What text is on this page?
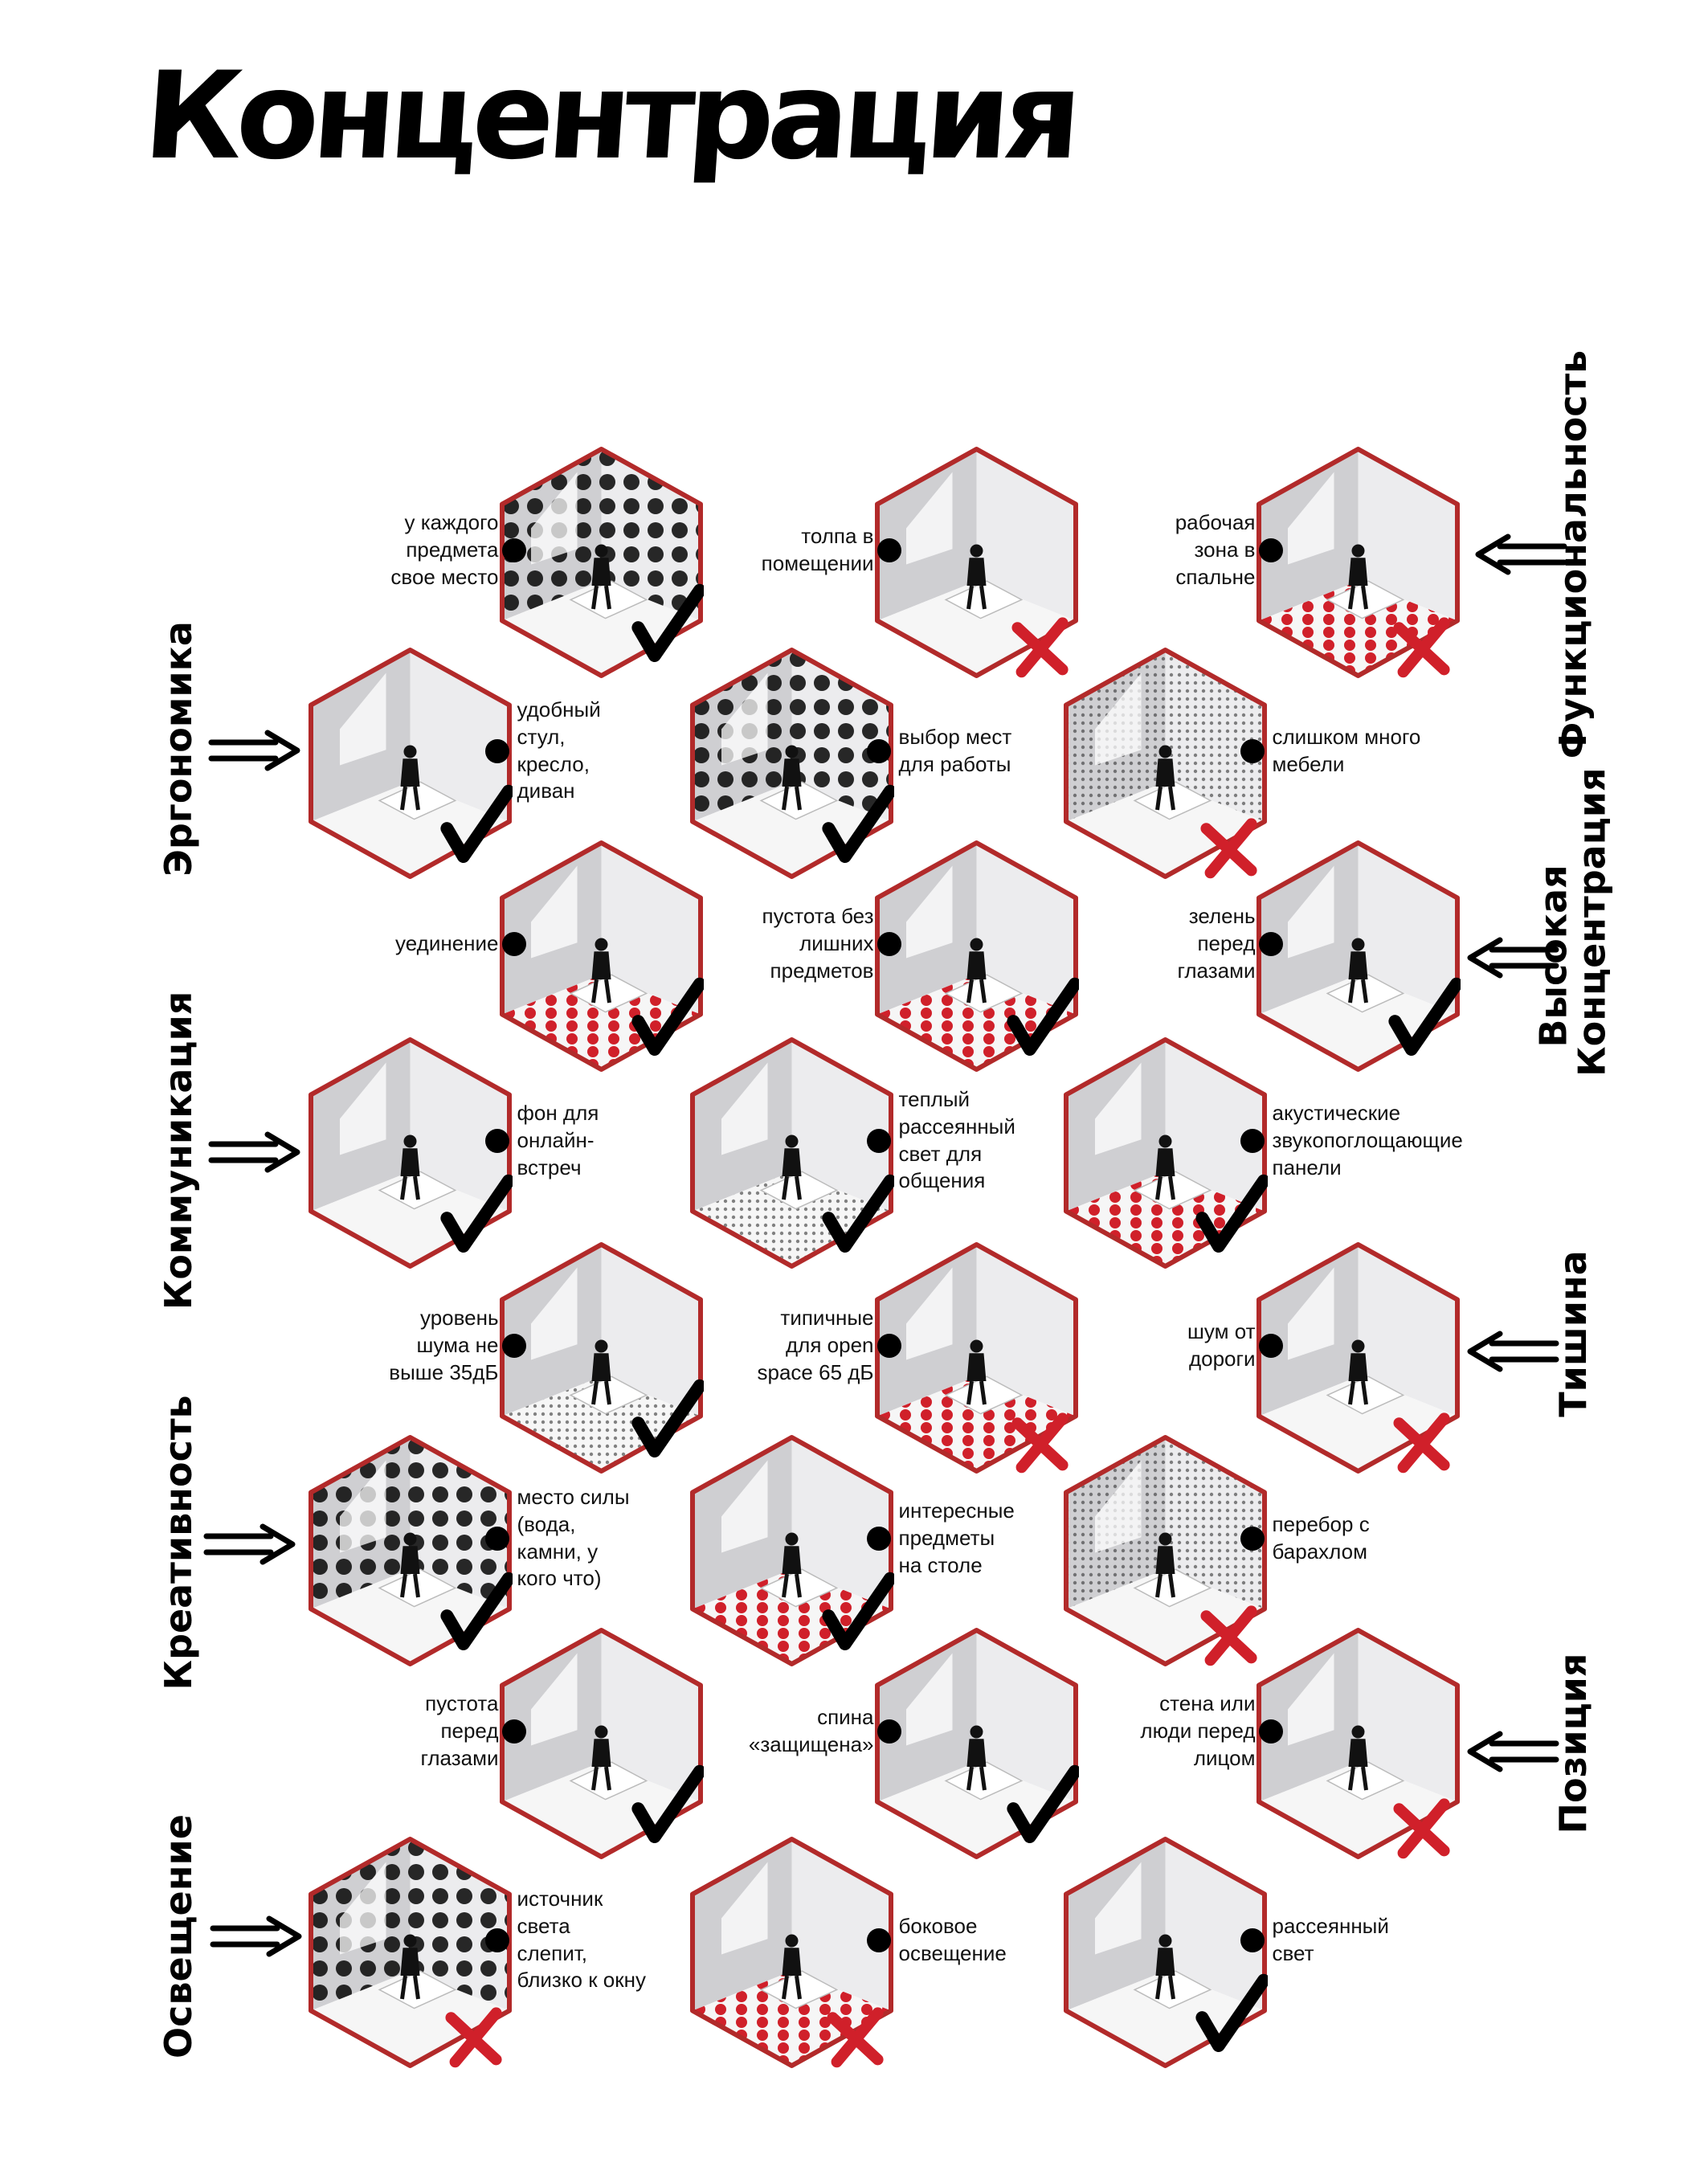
Концентрация
Эргономика
Коммуникация
Креативность
Освещение
Функциональность
Высокая Концентрация
Тишина
Позиция
у каждого
предмета
свое место
толпа в
помещении
рабочая
зона в
спальне
удобный
стул,
кресло,
диван
выбор мест
для работы
слишком много
мебели
уединение
пустота без
лишних
предметов
зелень
перед
глазами
фон для
онлайн-
встреч
теплый
рассеянный
свет для
общения
акустические
звукопоглощающие
панели
уровень
шума не
выше 35дБ
типичные
для open
space 65 дБ
шум от
дороги
место силы
(вода,
камни, у
кого что)
интересные
предметы
на столе
перебор с
барахлом
пустота
перед
глазами
спина
«защищена»
стена или
люди перед
лицом
источник
света
слепит,
близко к окну
боковое
освещение
рассеянный
свет
